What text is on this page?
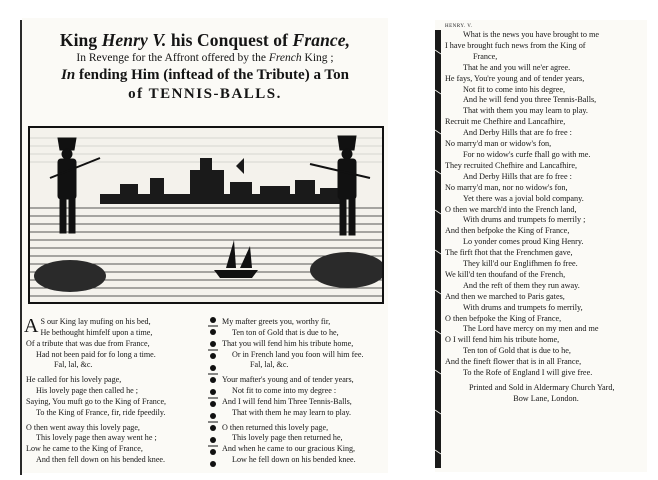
King Henry V. his Conquest of France,
In Revenge for the Affront offered by the French King ;
In fending Him (inftead of the Tribute) a Ton
of TENNIS-BALLS.
A S our King lay mufing on his bed,
He bethought himfelf upon a time,
Of a tribute that was due from France,
Had not been paid for fo long a time.
Fal, lal, &c.
He called for his lovely page,
His lovely page then called he ;
Saying, You muft go to the King of France,
To the King of France, fir, ride fpeedily.
O then went away this lovely page,
This lovely page then away went he ;
Low he came to the King of France,
And then fell down on his bended knee.
My mafter greets you, worthy fir,
Ten ton of Gold that is due to he,
That you will fend him his tribute home,
Or in French land you foon will him fee.
Fal, lal, &c.
Your mafter's young and of tender years,
Not fit to come into my degree :
And I will fend him Three Tennis-Balls,
That with them he may learn to play.
O then returned this lovely page,
This lovely page then returned he,
And when he came to our gracious King,
Low he fell down on his bended knee.
HENRY. V.
What is the news you have brought to me
I have brought fuch news from the King of
France,
That he and you will ne'er agree.
He fays, You're young and of tender years,
Not fit to come into his degree,
And he will fend you three Tennis-Balls,
That with them you may learn to play.
Recruit me Chefhire and Lancafhire,
And Derby Hills that are fo free :
No marry'd man or widow's fon,
For no widow's curfe fhall go with me.
They recruited Chefhire and Lancafhire,
And Derby Hills that are fo free :
No marry'd man, nor no widow's fon,
Yet there was a jovial bold company.
O then we march'd into the French land,
With drums and trumpets fo merrily ;
And then befpoke the King of France,
Lo yonder comes proud King Henry.
The firft fhot that the Frenchmen gave,
They kill'd our Englifhmen fo free.
We kill'd ten thoufand of the French,
And the reft of them they run away.
And then we marched to Paris gates,
With drums and trumpets fo merrily,
O then befpoke the King of France,
The Lord have mercy on my men and me
O I will fend him his tribute home,
Ten ton of Gold that is due to he,
And the fineft flower that is in all France,
To the Rofe of England I will give free.
Printed and Sold in Aldermary Church Yard,
Bow Lane, London.
